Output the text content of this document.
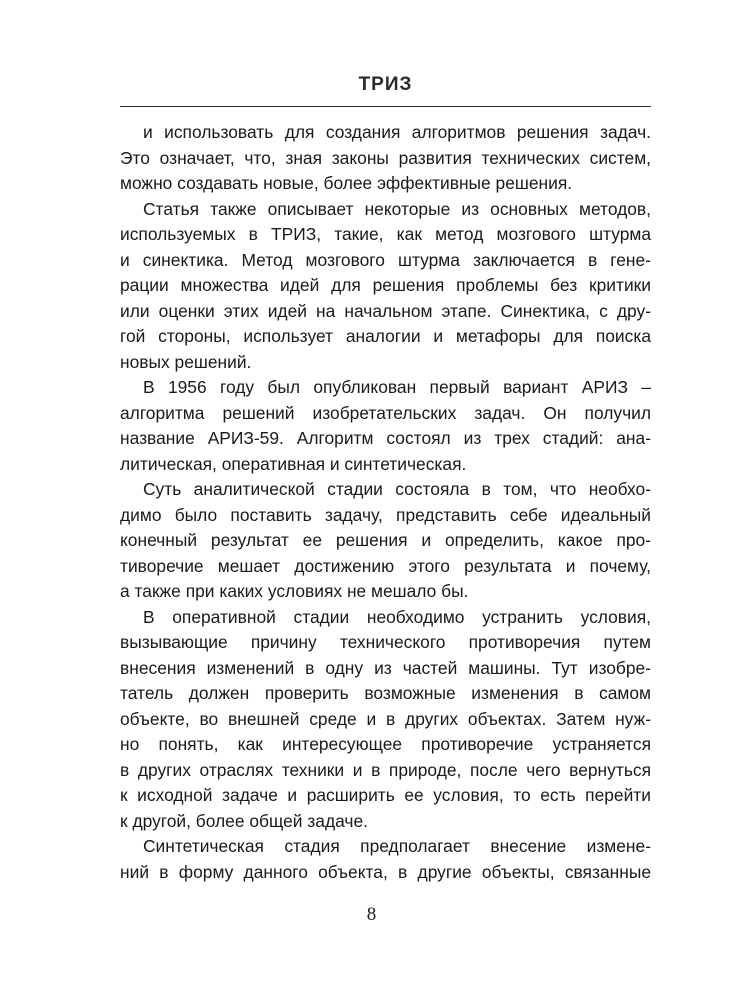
ТРИЗ
и использовать для создания алгоритмов решения задач.
Это означает, что, зная законы развития технических систем,
можно создавать новые, более эффективные решения.
Статья также описывает некоторые из основных методов,
используемых в ТРИЗ, такие, как метод мозгового штурма
и синектика. Метод мозгового штурма заключается в гене-
рации множества идей для решения проблемы без критики
или оценки этих идей на начальном этапе. Синектика, с дру-
гой стороны, использует аналогии и метафоры для поиска
новых решений.
В 1956 году был опубликован первый вариант АРИЗ –
алгоритма решений изобретательских задач. Он получил
название АРИЗ-59. Алгоритм состоял из трех стадий: ана-
литическая, оперативная и синтетическая.
Суть аналитической стадии состояла в том, что необхо-
димо было поставить задачу, представить себе идеальный
конечный результат ее решения и определить, какое про-
тиворечие мешает достижению этого результата и почему,
а также при каких условиях не мешало бы.
В оперативной стадии необходимо устранить условия,
вызывающие причину технического противоречия путем
внесения изменений в одну из частей машины. Тут изобре-
татель должен проверить возможные изменения в самом
объекте, во внешней среде и в других объектах. Затем нуж-
но понять, как интересующее противоречие устраняется
в других отраслях техники и в природе, после чего вернуться
к исходной задаче и расширить ее условия, то есть перейти
к другой, более общей задаче.
Синтетическая стадия предполагает внесение измене-
ний в форму данного объекта, в другие объекты, связанные
8
